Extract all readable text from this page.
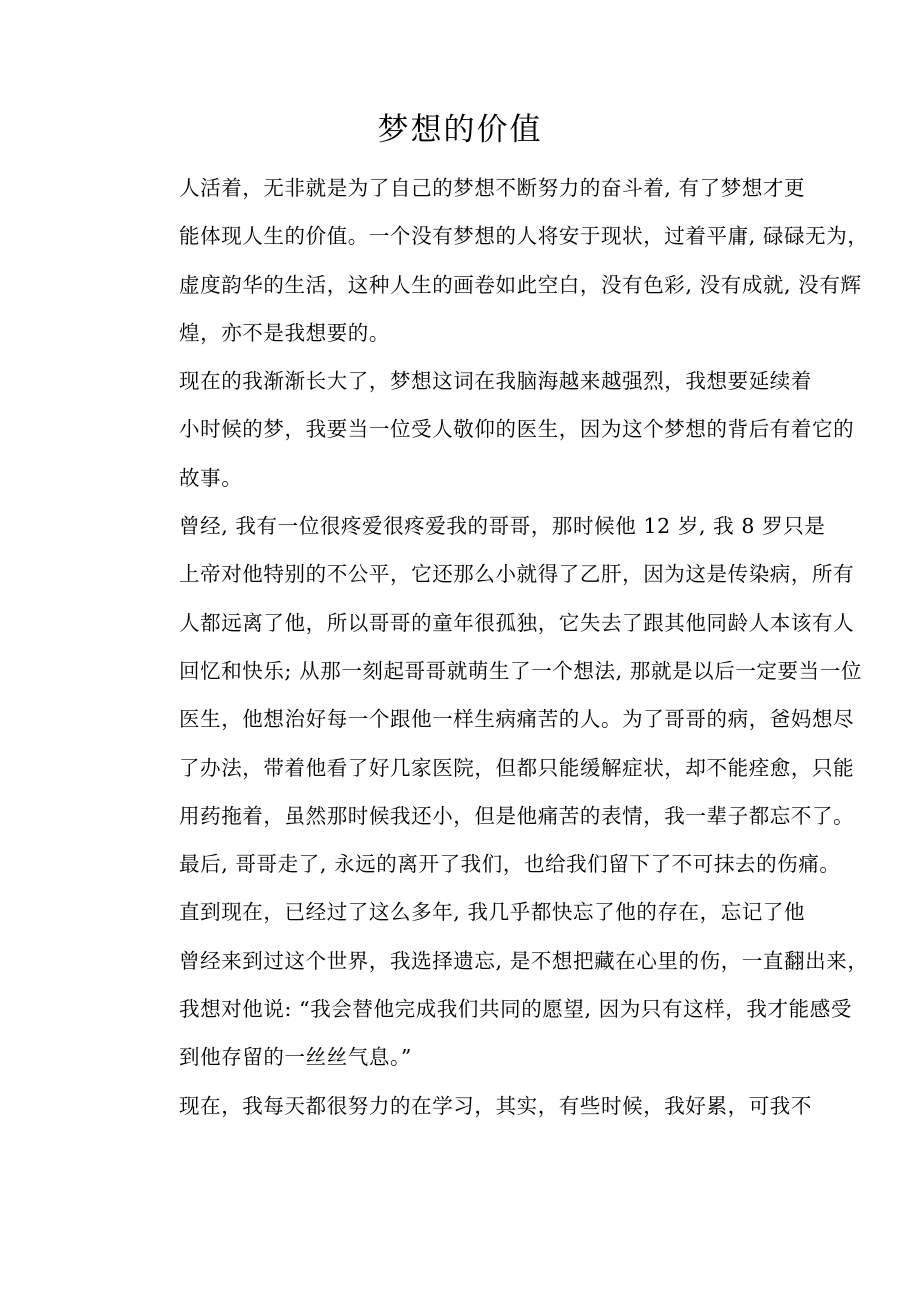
梦想的价值

人活着，无非就是为了自己的梦想不断努力的奋斗着, 有了梦想才更
能体现人生的价值。一个没有梦想的人将安于现状，过着平庸, 碌碌无为，
虚度韵华的生活，这种人生的画卷如此空白，没有色彩, 没有成就, 没有辉
煌，亦不是我想要的。

现在的我渐渐长大了，梦想这词在我脑海越来越强烈，我想要延续着
小时候的梦，我要当一位受人敬仰的医生，因为这个梦想的背后有着它的
故事。

曾经, 我有一位很疼爱很疼爱我的哥哥，那时候他 12 岁, 我 8 罗只是
上帝对他特别的不公平，它还那么小就得了乙肝，因为这是传染病，所有
人都远离了他，所以哥哥的童年很孤独，它失去了跟其他同龄人本该有人
回忆和快乐; 从那一刻起哥哥就萌生了一个想法, 那就是以后一定要当一位
医生，他想治好每一个跟他一样生病痛苦的人。为了哥哥的病，爸妈想尽
了办法，带着他看了好几家医院，但都只能缓解症状，却不能痊愈，只能
用药拖着，虽然那时候我还小，但是他痛苦的表情，我一辈子都忘不了。
最后, 哥哥走了, 永远的离开了我们，也给我们留下了不可抹去的伤痛。

直到现在，已经过了这么多年, 我几乎都快忘了他的存在，忘记了他
曾经来到过这个世界，我选择遗忘, 是不想把藏在心里的伤，一直翻出来，
我想对他说: “我会替他完成我们共同的愿望, 因为只有这样，我才能感受
到他存留的一丝丝气息。”

现在，我每天都很努力的在学习，其实，有些时候，我好累，可我不
